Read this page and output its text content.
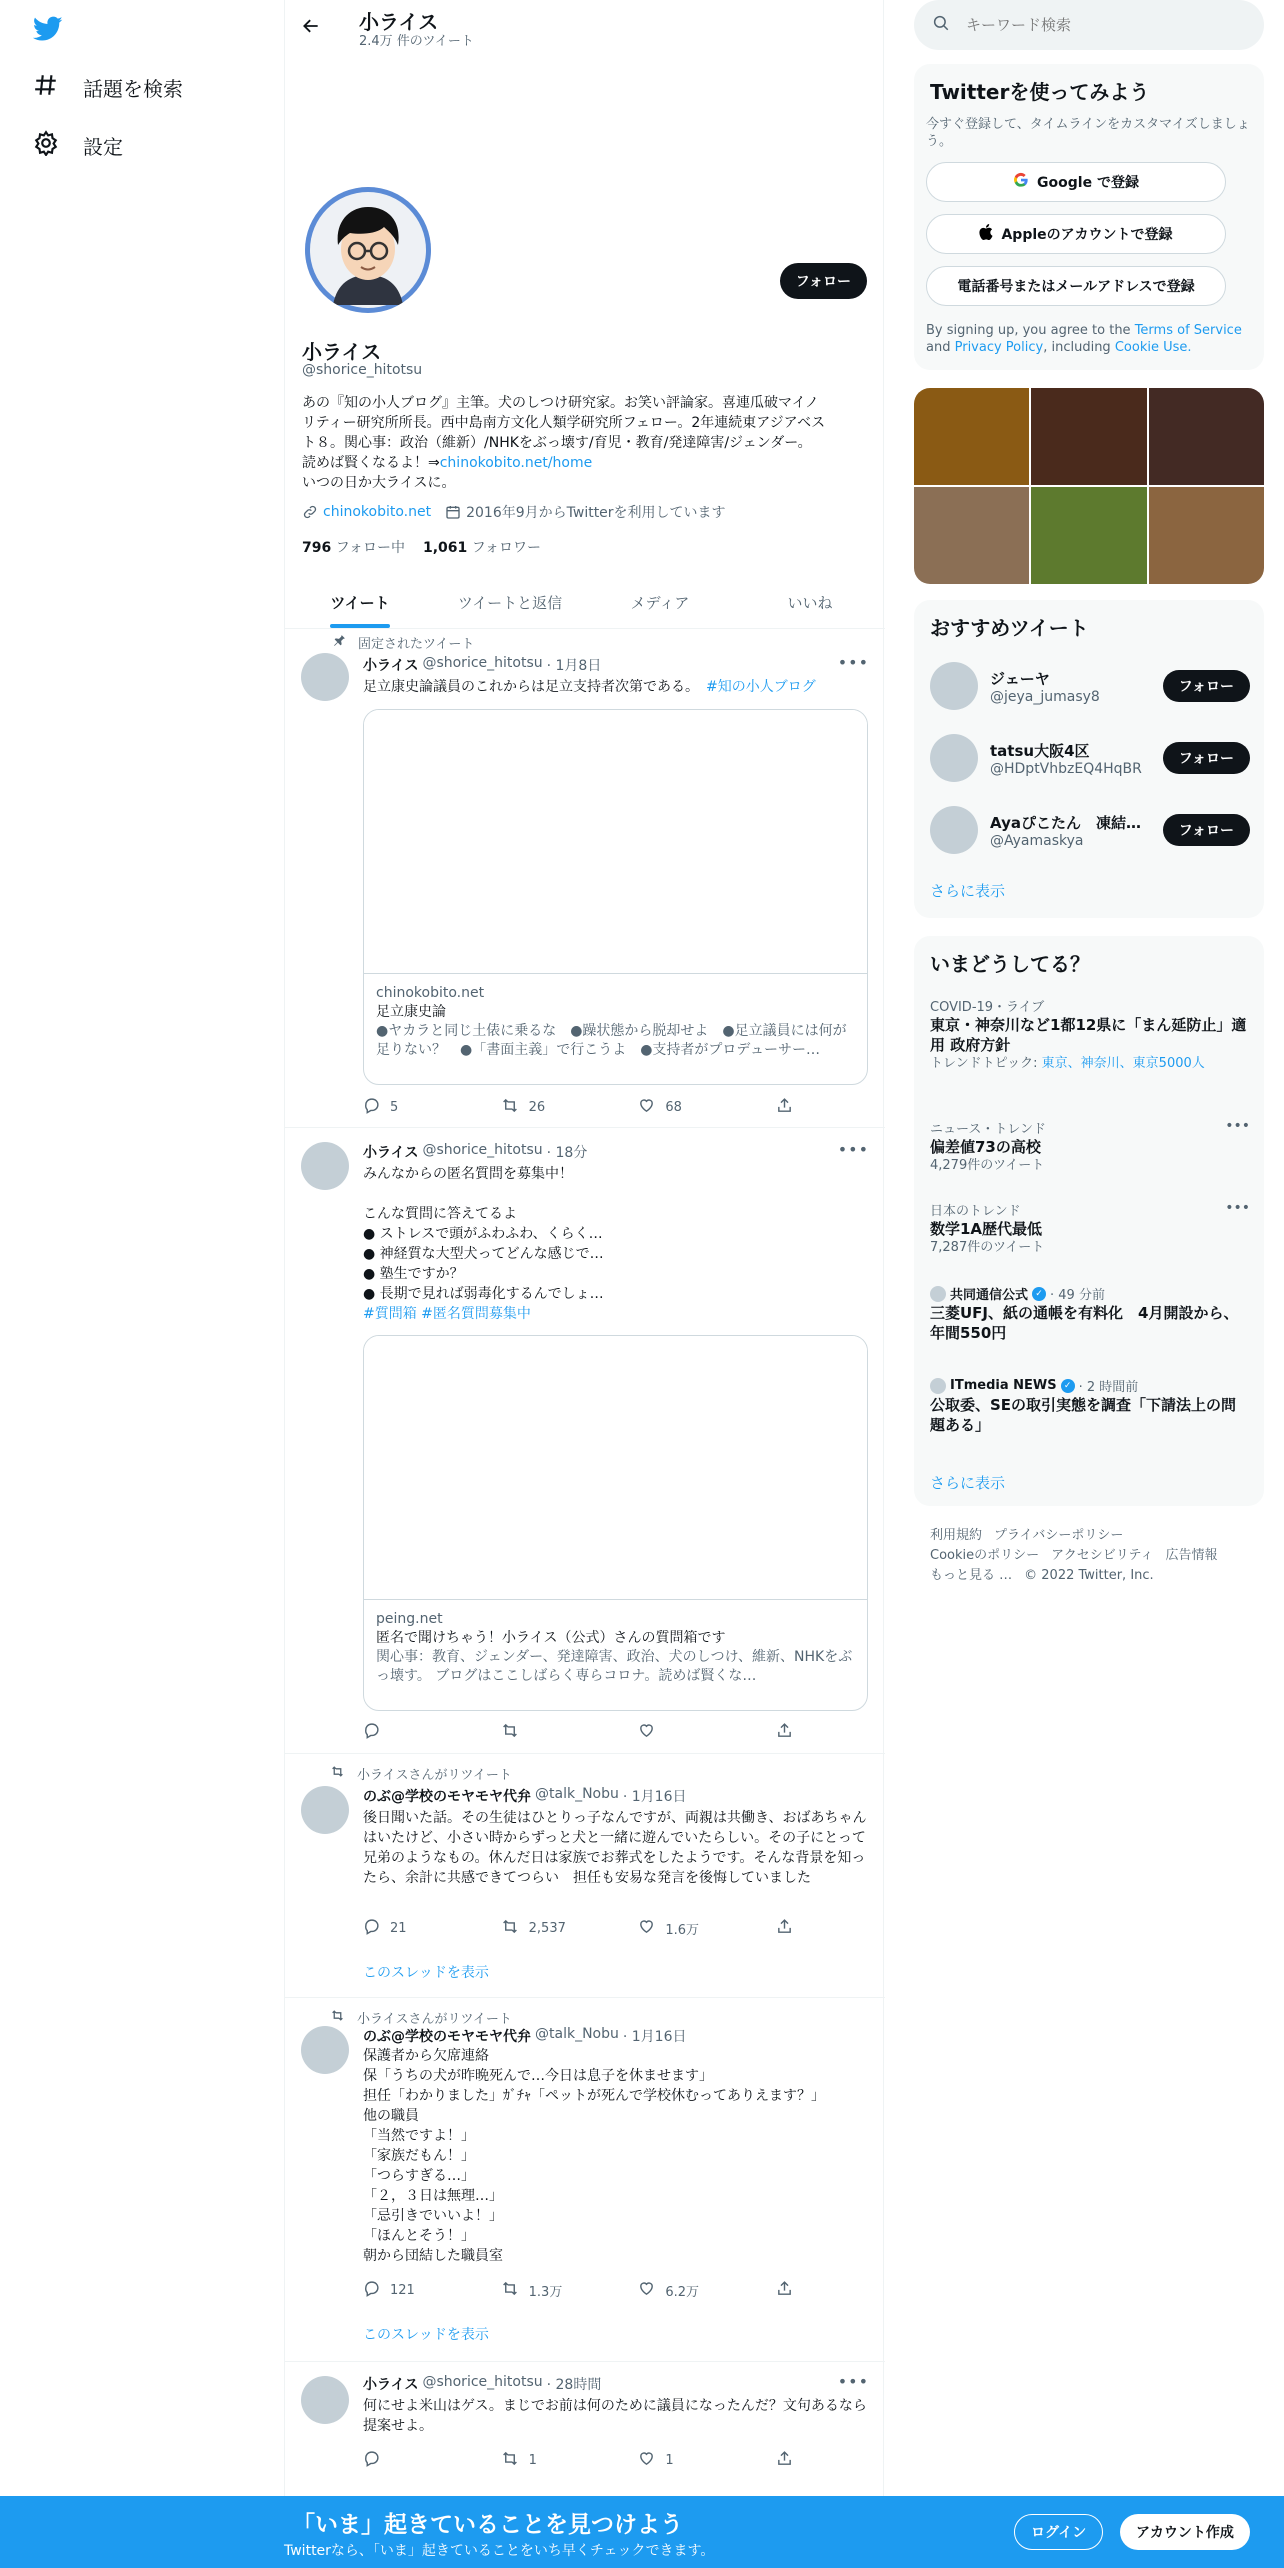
話題を検索
設定
小ライス
2.4万 件のツイート
フォロー
小ライス
@shorice_hitotsu
あの『知の小人ブログ』主筆。犬のしつけ研究家。お笑い評論家。喜連瓜破マイノ
リティー研究所所長。西中島南方文化人類学研究所フェロー。2年連続東アジアベス
ト８。関心事：政治（維新）/NHKをぶっ壊す/育児・教育/発達障害/ジェンダー。
読めば賢くなるよ！⇒chinokobito.net/home
いつの日か大ライスに。
chinokobito.net	2016年9月からTwitterを利用しています
796 フォロー中 1,061 フォロワー
ツイート	ツイートと返信	メディア	いいね
固定されたツイート
小ライス @shorice_hitotsu · 1月8日	•••
足立康史論議員のこれからは足立支持者次第である。　 #知の小人ブログ
chinokobito.net
足立康史論
●ヤカラと同じ土俵に乗るな　●躁状態から脱却せよ　●足立議員には何が足りない？　●「書面主義」で行こうよ　●支持者がプロデューサー…
5	26	68
小ライス @shorice_hitotsu · 18分	•••
みんなからの匿名質問を募集中！

こんな質問に答えてるよ
● ストレスで頭がふわふわ、くらく…
● 神経質な大型犬ってどんな感じで…
● 塾生ですか？
● 長期で見れば弱毒化するんでしょ…
#質問箱 #匿名質問募集中
peing.net
匿名で聞けちゃう！小ライス（公式）さんの質問箱です
関心事：教育、ジェンダー、発達障害、政治、犬のしつけ、維新、NHKをぶっ壊す。 ブログはここしばらく専らコロナ。読めば賢くな…
小ライスさんがリツイート
のぶ@学校のモヤモヤ代弁 @talk_Nobu · 1月16日
後日聞いた話。その生徒はひとりっ子なんですが、両親は共働き、おばあちゃんはいたけど、小さい時からずっと犬と一緒に遊んでいたらしい。その子にとって兄弟のようなもの。休んだ日は家族でお葬式をしたようです。そんな背景を知ったら、余計に共感できてつらい　担任も安易な発言を後悔していました
21	2,537	1.6万
このスレッドを表示
小ライスさんがリツイート
のぶ@学校のモヤモヤ代弁 @talk_Nobu · 1月16日
保護者から欠席連絡
保「うちの犬が昨晩死んで…今日は息子を休ませます」
担任「わかりました」ｶﾞﾁｬ「ペットが死んで学校休むってありえます？」
他の職員
「当然ですよ！」
「家族だもん！」
「つらすぎる…」
「２，３日は無理…」
「忌引きでいいよ！」
「ほんとそう！」
朝から団結した職員室
121	1.3万	6.2万
このスレッドを表示
小ライス @shorice_hitotsu · 28時間	•••
何にせよ米山はゲス。まじでお前は何のために議員になったんだ？文句あるなら提案せよ。
1	1
キーワード検索
Twitterを使ってみよう
今すぐ登録して、タイムラインをカスタマイズしましょう。
Google で登録
Appleのアカウントで登録
電話番号またはメールアドレスで登録
By signing up, you agree to the Terms of Service and Privacy Policy, including Cookie Use.
おすすめツイート
ジェーヤ
@jeya_jumasy8
フォロー
tatsu大阪4区
@HDptVhbzEQ4HqBR
フォロー
Ayaぴこたん　凍結…
@Ayamaskya
フォロー
さらに表示
いまどうしてる？
COVID-19・ライブ
東京・神奈川など1都12県に「まん延防止」適用 政府方針
トレンドトピック: 東京、神奈川、東京5000人
ニュース・トレンド
偏差値73の高校
4,279件のツイート
•••
日本のトレンド
数学1A歴代最低
7,287件のツイート
•••
共同通信公式 ✓ · 49 分前
三菱UFJ、紙の通帳を有料化　4月開設から、年間550円
ITmedia NEWS ✓ · 2 時間前
公取委、SEの取引実態を調査「下請法上の問題ある」
さらに表示
利用規約 プライバシーポリシー
Cookieのポリシー アクセシビリティ 広告情報
もっと見る … © 2022 Twitter, Inc.
「いま」起きていることを見つけよう
Twitterなら、「いま」起きていることをいち早くチェックできます。
ログイン	アカウント作成
